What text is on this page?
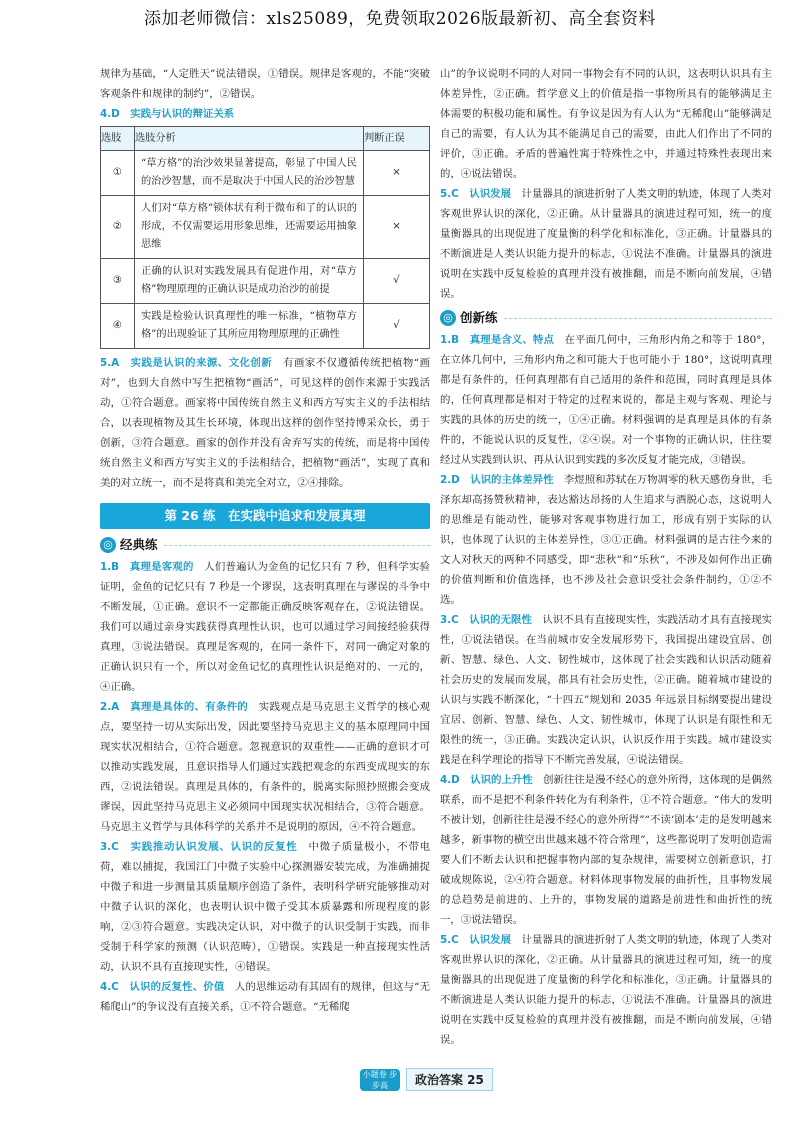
添加老师微信：xls25089，免费领取2026版最新初、高全套资料

规律为基础，“人定胜天”说法错误，①错误。规律是客观的，不能“突破客观条件和规律的制约”，②错误。

4.D　实践与认识的辩证关系

选肢	选肢分析	判断正误
①	“草方格”的治沙效果显著提高，彰显了中国人民的治沙智慧，而不是取决于中国人民的治沙智慧	×
②	人们对“草方格”锁体状有利于微布和了的认识的形成，不仅需要运用形象思维，还需要运用抽象思维	×
③	正确的认识对实践发展具有促进作用，对“草方格”物理原理的正确认识是成功治沙的前提	√
④	实践是检验认识真理性的唯一标准，“植物草方格”的出现验证了其所应用物理原理的正确性	√

5.A　实践是认识的来源、文化创新　 有画家不仅遵循传统把植物“画对”，也到大自然中写生把植物“画活”，可见这样的创作来源于实践活动，①符合题意。画家将中国传统自然主义和西方写实主义的手法相结合，以表现植物及其生长环境，体现出这样的创作坚持博采众长，勇于创新，③符合题意。画家的创作并没有舍弃写实的传统，而是将中国传统自然主义和西方写实主义的手法相结合，把植物“画活”，实现了真和美的对立统一，而不是将真和美完全对立，②④排除。

第 26 练　在实践中追求和发展真理
◎ 经典练

1.B　真理是客观的　 人们普遍认为金鱼的记忆只有 7 秒，但科学实验证明，金鱼的记忆只有 7 秒是一个谬误，这表明真理在与谬误的斗争中不断发展，①正确。意识不一定都能正确反映客观存在，②说法错误。我们可以通过亲身实践获得真理性认识，也可以通过学习间接经验获得真理，③说法错误。真理是客观的，在同一条件下，对同一确定对象的正确认识只有一个，所以对金鱼记忆的真理性认识是绝对的、一元的，④正确。

2.A　真理是具体的、有条件的　 实践观点是马克思主义哲学的核心观点，要坚持一切从实际出发，因此要坚持马克思主义的基本原理同中国现实状况相结合，①符合题意。忽视意识的双重性——正确的意识才可以推动实践发展，且意识指导人们通过实践把观念的东西变成现实的东西，②说法错误。真理是具体的，有条件的，脱离实际照抄照搬会变成谬误，因此坚持马克思主义必须同中国现实状况相结合，③符合题意。马克思主义哲学与具体科学的关系并不是说明的原因，④不符合题意。

3.C　实践推动认识发展、认识的反复性　 中微子质量极小，不带电荷，难以捕捉，我国江门中微子实验中心探测器安装完成，为准确捕捉中微子和进一步测量其质量顺序创造了条件，表明科学研究能够推动对中微子认识的深化，也表明认识中微子受其本质暴露和所现程度的影响，②③符合题意。实践决定认识，对中微子的认识受制于实践，而非受制于科学家的预测（认识范畴），①错误。实践是一种直接现实性活动，认识不具有直接现实性，④错误。

4.C　认识的反复性、价值　 人的思维运动有其固有的规律，但这与“无稀爬山”的争议没有直接关系，①不符合题意。“无稀爬

山”的争议说明不同的人对同一事物会有不同的认识，这表明认识具有主体差异性，②正确。哲学意义上的价值是指一事物所具有的能够满足主体需要的积极功能和属性。有争议是因为有人认为“无稀爬山”能够满足自己的需要，有人认为其不能满足自己的需要，由此人们作出了不同的评价，③正确。矛盾的普遍性寓于特殊性之中，并通过特殊性表现出来的，④说法错误。

5.C　认识发展　 计量器具的演进折射了人类文明的轨迹，体现了人类对客观世界认识的深化，②正确。从计量器具的演进过程可知，统一的度量衡器具的出现促进了度量衡的科学化和标准化，③正确。计量器具的不断演进是人类认识能力提升的标志，①说法不准确。计量器具的演进说明在实践中反复检验的真理并没有被推翻，而是不断向前发展，④错误。

◎ 创新练

1.B　真理是含义、特点　 在平面几何中，三角形内角之和等于 180°，在立体几何中，三角形内角之和可能大于也可能小于 180°，这说明真理都是有条件的，任何真理都有自己适用的条件和范围，同时真理是具体的，任何真理都是相对于特定的过程来说的，都是主观与客观、理论与实践的具体的历史的统一，①④正确。材料强调的是真理是具体的有条件的，不能说认识的反复性，②④误。对一个事物的正确认识，往往要经过从实践到认识、再从认识到实践的多次反复才能完成，③错误。

2.D　认识的主体差异性　 李煜照和苏轼在万物凋零的秋天感伤身世，毛泽东却高扬赞秋精神，表达豁达昂扬的人生追求与酒脱心态，这说明人的思维是有能动性，能够对客观事物进行加工，形成有别于实际的认识，也体现了认识的主体差异性，③①正确。材料强调的是古往今来的文人对秋天的两种不同感受，即“悲秋”和“乐秋”，不涉及如何作出正确的价值判断和价值选择，也不涉及社会意识受社会条件制约，①②不选。

3.C　认识的无限性　 认识不具有直接现实性，实践活动才具有直接现实性，①说法错误。在当前城市安全发展形势下，我国提出建设宜居、创新、智慧、绿色、人文、韧性城市，这体现了社会实践和认识活动随着社会历史的发展而发展，都具有社会历史性，②正确。随着城市建设的认识与实践不断深化，“十四五”规划和 2035 年远景目标纲要提出建设宜居、创新、智慧、绿色、人文、韧性城市，体现了认识是有限性和无限性的统一，③正确。实践决定认识，认识反作用于实践。城市建设实践是在科学理论的指导下不断完善发展，④说法错误。

4.D　认识的上升性　 创新往往是漫不经心的意外所得，这体现的是偶然联系，而不是把不利条件转化为有利条件，①不符合题意。“伟大的发明不被计划，创新往往是漫不经心的意外所得”“不读‘剧本’走的是发明越来越多，新事物的横空出世越来越不符合常理”，这些都说明了发明创造需要人们不断去认识和把握事物内部的复杂规律，需要树立创新意识，打破成规陈说，②④符合题意。材料体现事物发展的曲折性，且事物发展的总趋势是前进的、上升的，事物发展的道路是前进性和曲折性的统一，③说法错误。

5.C　认识发展　 计量器具的演进折射了人类文明的轨迹，体现了人类对客观世界认识的深化，②正确。从计量器具的演进过程可知，统一的度量衡器具的出现促进了度量衡的科学化和标准化，③正确。计量器具的不断演进是人类认识能力提升的标志，①说法不准确。计量器具的演进说明在实践中反复检验的真理并没有被推翻，而是不断向前发展，④错误。

小题卷 步步高	政治答案 25
